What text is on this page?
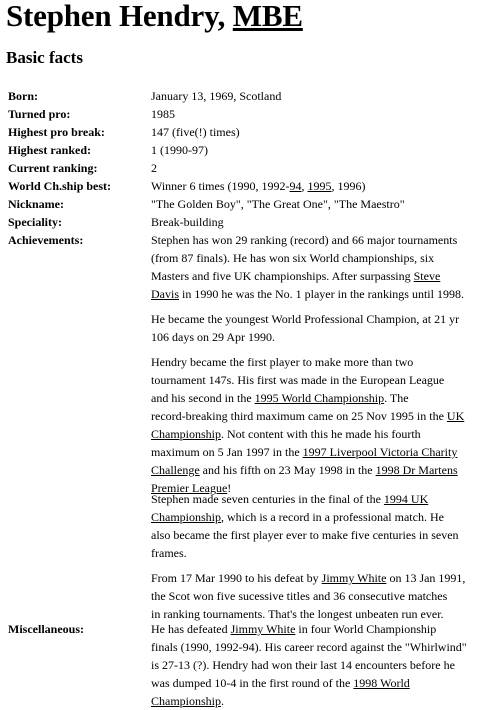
Stephen Hendry, MBE
Basic facts
Born:
Turned pro:
Highest pro break:
Highest ranked:
Current ranking:
World Ch.ship best:
Nickname:
Speciality:
Achievements:
Miscellaneous:
January 13, 1969, Scotland
1985
147 (five(!) times)
1 (1990-97)
2
Winner 6 times (1990, 1992-94, 1995, 1996)
"The Golden Boy", "The Great One", "The Maestro"
Break-building
Stephen has won 29 ranking (record) and 66 major tournaments
(from 87 finals). He has won six World championships, six
Masters and five UK championships. After surpassing Steve
Davis in 1990 he was the No. 1 player in the rankings until 1998.
He became the youngest World Professional Champion, at 21 yr
106 days on 29 Apr 1990.
Hendry became the first player to make more than two
tournament 147s. His first was made in the European League
and his second in the 1995 World Championship. The
record-breaking third maximum came on 25 Nov 1995 in the UK
Championship. Not content with this he made his fourth
maximum on 5 Jan 1997 in the 1997 Liverpool Victoria Charity
Challenge and his fifth on 23 May 1998 in the 1998 Dr Martens
Premier League!
Stephen made seven centuries in the final of the 1994 UK
Championship, which is a record in a professional match. He
also became the first player ever to make five centuries in seven
frames.
From 17 Mar 1990 to his defeat by Jimmy White on 13 Jan 1991,
the Scot won five sucessive titles and 36 consecutive matches
in ranking tournaments. That's the longest unbeaten run ever.
He has defeated Jimmy White in four World Championship
finals (1990, 1992-94). His career record against the "Whirlwind"
is 27-13 (?). Hendry had won their last 14 encounters before he
was dumped 10-4 in the first round of the 1998 World
Championship.
